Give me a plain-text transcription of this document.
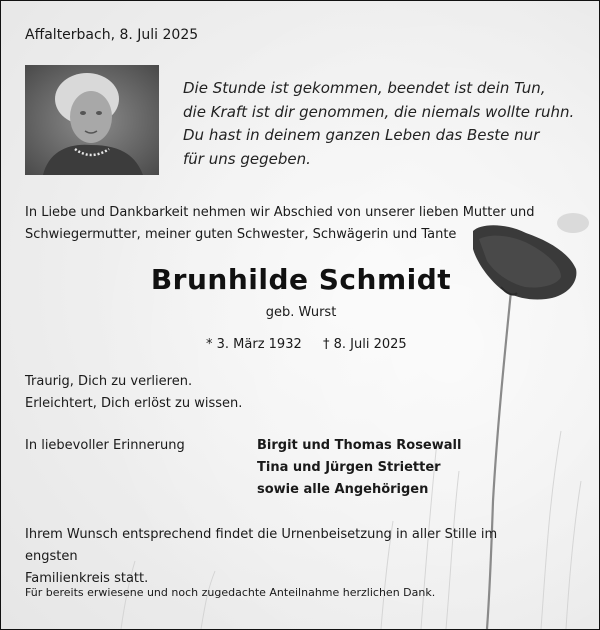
Affalterbach, 8. Juli 2025
Die Stunde ist gekommen, beendet ist dein Tun,
die Kraft ist dir genommen, die niemals wollte ruhn.
Du hast in deinem ganzen Leben das Beste nur
für uns gegeben.
In Liebe und Dankbarkeit nehmen wir Abschied von unserer lieben Mutter und
Schwiegermutter, meiner guten Schwester, Schwägerin und Tante
Brunhilde Schmidt
geb. Wurst
* 3. März 1932 † 8. Juli 2025
Traurig, Dich zu verlieren.
Erleichtert, Dich erlöst zu wissen.
In liebevoller Erinnerung	Birgit und Thomas Rosewall
Tina und Jürgen Strietter
sowie alle Angehörigen
Ihrem Wunsch entsprechend findet die Urnenbeisetzung in aller Stille im engsten
Familienkreis statt.
Für bereits erwiesene und noch zugedachte Anteilnahme herzlichen Dank.
